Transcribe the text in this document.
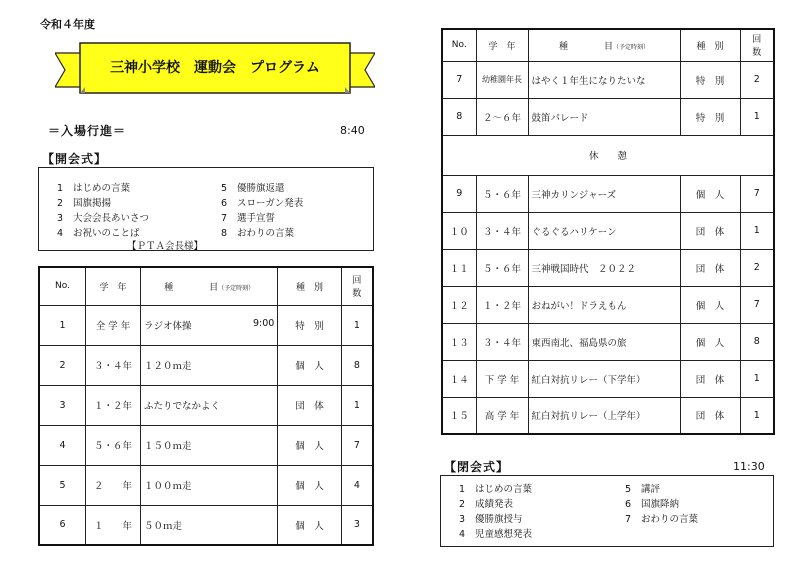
令和４年度
三神小学校　運動会　プログラム
＝入場行進＝	8:40
【開会式】
1 はじめの言葉
2 国旗掲揚
3 大会会長あいさつ
4 お祝いのことば
5 優勝旗返還
6 スローガン発表
7 選手宣誓
8 おわりの言葉
【ＰＴＡ会長様】
No.	学　年	種　　　　目（予定時刻）	種　別	回
数
1	全 学 年	ラジオ体操 9:00	特　別	1
2	３・４年	１２０ｍ走	個　人	8
3	１・２年	ふたりでなかよく	団　体	1
4	５・６年	１５０ｍ走	個　人	7
5	２　　年	１００ｍ走	個　人	4
6	１　　年	５０ｍ走	個　人	3
No.	学　年	種　　　　目（予定時刻）	種　別	回
数
7	幼稚園年長	はやく１年生になりたいな	特　別	2
8	２～６年	鼓笛パレード	特　別	1
休　　憩				
9	５・６年	三神カリンジャーズ	個　人	7
１０	３・４年	ぐるぐるハリケーン	団　体	1
１１	５・６年	三神戦国時代　２０２２	団　体	2
１２	１・２年	おねがい！ドラえもん	個　人	7
１３	３・４年	東西南北、福島県の旅	個　人	8
１４	下 学 年	紅白対抗リレー（下学年）	団　体	1
１５	高 学 年	紅白対抗リレー（上学年）	団　体	1
【閉会式】	11:30
1 はじめの言葉
2 成績発表
3 優勝旗授与
4 児童感想発表
5 講評
6 国旗降納
7 おわりの言葉
